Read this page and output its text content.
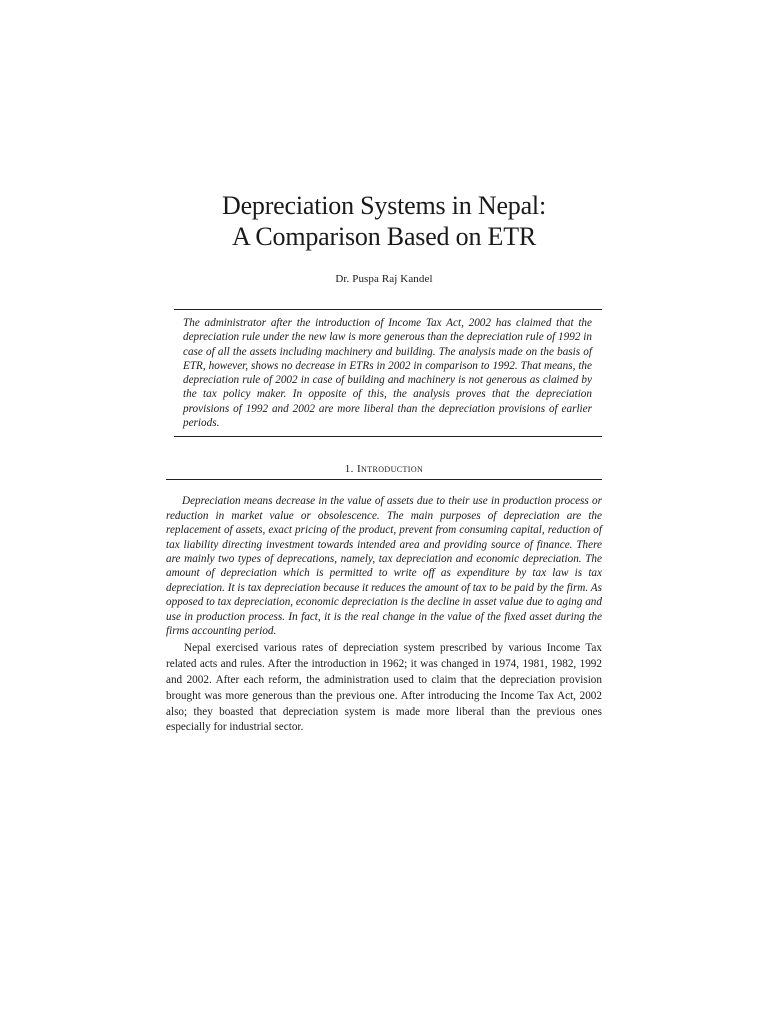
Depreciation Systems in Nepal:
A Comparison Based on ETR
Dr. Puspa Raj Kandel

The administrator after the introduction of Income Tax Act, 2002 has claimed that the depreciation rule under the new law is more generous than the depreciation rule of 1992 in case of all the assets including machinery and building. The analysis made on the basis of ETR, however, shows no decrease in ETRs in 2002 in comparison to 1992. That means, the depreciation rule of 2002 in case of building and machinery is not generous as claimed by the tax policy maker. In opposite of this, the analysis proves that the depreciation provisions of 1992 and 2002 are more liberal than the depreciation provisions of earlier periods.

1. Introduction

Depreciation means decrease in the value of assets due to their use in production process or reduction in market value or obsolescence. The main purposes of depreciation are the replacement of assets, exact pricing of the product, prevent from consuming capital, reduction of tax liability directing investment towards intended area and providing source of finance. There are mainly two types of deprecations, namely, tax depreciation and economic depreciation. The amount of depreciation which is permitted to write off as expenditure by tax law is tax depreciation. It is tax depreciation because it reduces the amount of tax to be paid by the firm. As opposed to tax depreciation, economic depreciation is the decline in asset value due to aging and use in production process. In fact, it is the real change in the value of the fixed asset during the firms accounting period.

Nepal exercised various rates of depreciation system prescribed by various Income Tax related acts and rules. After the introduction in 1962; it was changed in 1974, 1981, 1982, 1992 and 2002. After each reform, the administration used to claim that the depreciation provision brought was more generous than the previous one. After introducing the Income Tax Act, 2002 also; they boasted that depreciation system is made more liberal than the previous ones especially for industrial sector.
